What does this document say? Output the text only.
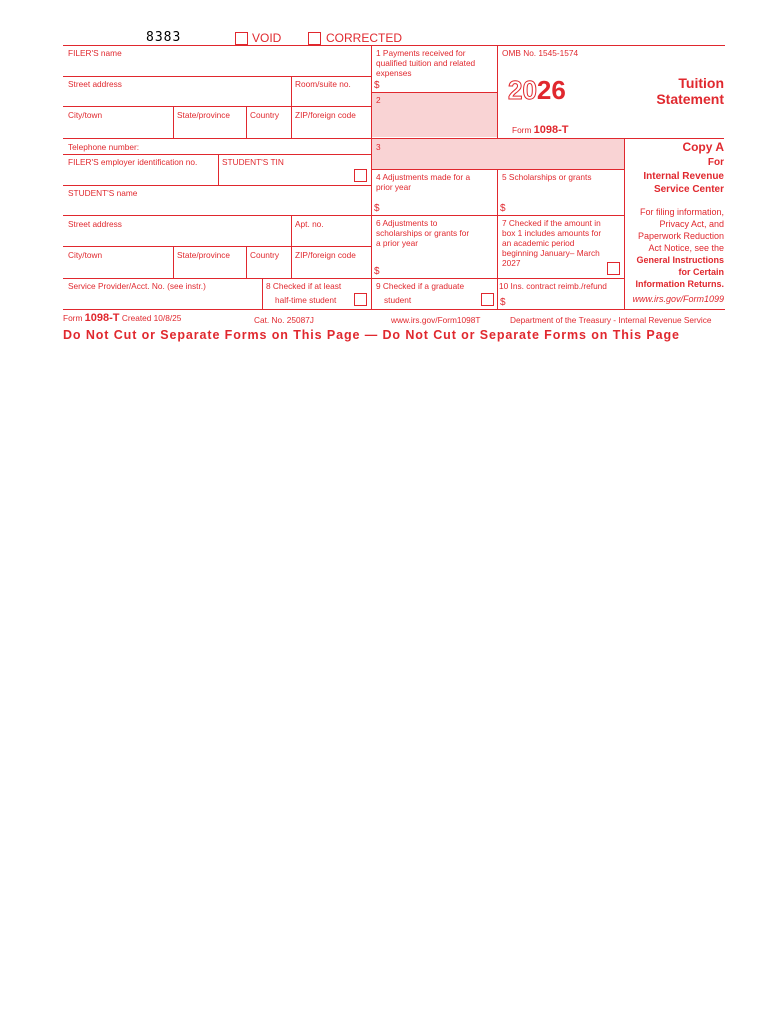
8383	VOID	CORRECTED
FILER'S name
Street address	Room/suite no.
City/town	State/province Country ZIP/foreign code
Telephone number:
FILER'S employer identification no.	STUDENT'S TIN
STUDENT'S name
Street address	Apt. no.
City/town	State/province Country ZIP/foreign code
Service Provider/Acct. No. (see instr.)	8 Checked if at least
half-time student
1 Payments received for qualified tuition and related expenses
$
2
3
4 Adjustments made for a prior year
$
5 Scholarships or grants
$
6 Adjustments to scholarships or grants for a prior year
$
7 Checked if the amount in box 1 includes amounts for an academic period beginning January– March 2027
9 Checked if a graduate
student
10 Ins. contract reimb./refund
$
OMB No. 1545-1574
2026
Form 1098-T
Tuition
Statement
Copy A
For
Internal Revenue
Service Center
For filing information,
Privacy Act, and
Paperwork Reduction
Act Notice, see the
General Instructions
for Certain
Information Returns.
www.irs.gov/Form1099
Form 1098-T Created 10/8/25	Cat. No. 25087J	www.irs.gov/Form1098T	Department of the Treasury - Internal Revenue Service
Do Not Cut or Separate Forms on This Page — Do Not Cut or Separate Forms on This Page
